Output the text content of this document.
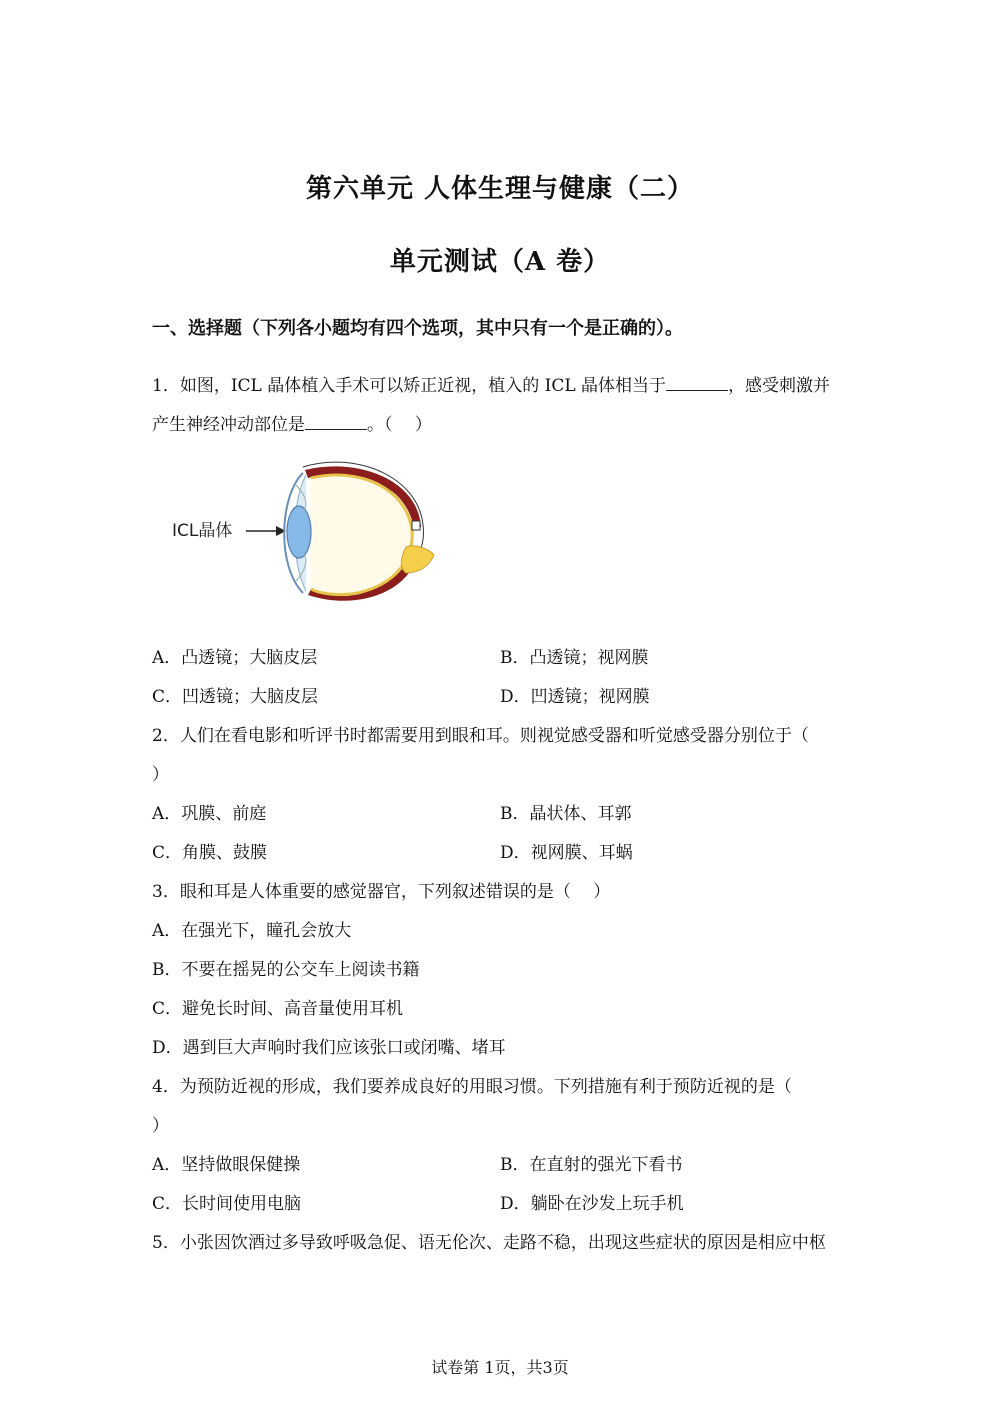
第六单元 人体生理与健康（二）
单元测试（A 卷）
一、选择题（下列各小题均有四个选项，其中只有一个是正确的）。
1．如图，ICL 晶体植入手术可以矫正近视，植入的 ICL 晶体相当于	，感受刺激并
产生神经冲动部位是	。（　 ）
ICL晶体
A．凸透镜；大脑皮层	B．凸透镜；视网膜
C．凹透镜；大脑皮层	D．凹透镜；视网膜
2．人们在看电影和听评书时都需要用到眼和耳。则视觉感受器和听觉感受器分别位于（
）
A．巩膜、前庭	B．晶状体、耳郭
C．角膜、鼓膜	D．视网膜、耳蜗
3．眼和耳是人体重要的感觉器官，下列叙述错误的是（　 ）
A．在强光下，瞳孔会放大
B．不要在摇晃的公交车上阅读书籍
C．避免长时间、高音量使用耳机
D．遇到巨大声响时我们应该张口或闭嘴、堵耳
4．为预防近视的形成，我们要养成良好的用眼习惯。下列措施有利于预防近视的是（
）
A．坚持做眼保健操	B．在直射的强光下看书
C．长时间使用电脑	D．躺卧在沙发上玩手机
5．小张因饮酒过多导致呼吸急促、语无伦次、走路不稳，出现这些症状的原因是相应中枢
试卷第 1页，共3页
